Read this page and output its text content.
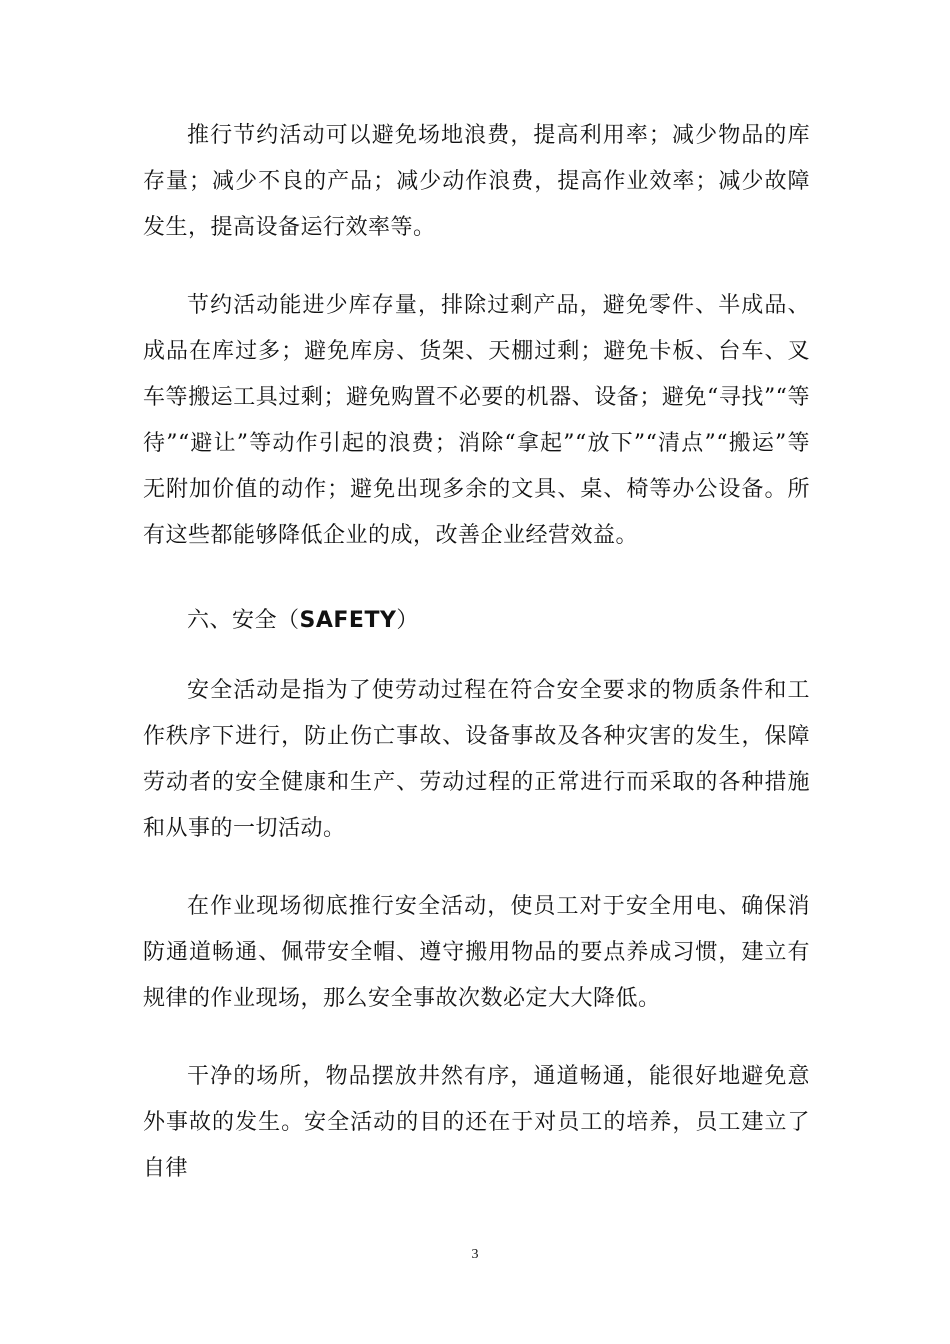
推行节约活动可以避免场地浪费，提高利用率；减少物品的库存量；减少不良的产品；减少动作浪费，提高作业效率；减少故障发生，提高设备运行效率等。

节约活动能进少库存量，排除过剩产品，避免零件、半成品、成品在库过多；避免库房、货架、天棚过剩；避免卡板、台车、叉车等搬运工具过剩；避免购置不必要的机器、设备；避免“寻找”“等待”“避让”等动作引起的浪费；消除“拿起”“放下”“清点”“搬运”等无附加价值的动作；避免出现多余的文具、桌、椅等办公设备。所有这些都能够降低企业的成，改善企业经营效益。

六、安全（SAFETY）

安全活动是指为了使劳动过程在符合安全要求的物质条件和工作秩序下进行，防止伤亡事故、设备事故及各种灾害的发生，保障劳动者的安全健康和生产、劳动过程的正常进行而采取的各种措施和从事的一切活动。

在作业现场彻底推行安全活动，使员工对于安全用电、确保消防通道畅通、佩带安全帽、遵守搬用物品的要点养成习惯，建立有规律的作业现场，那么安全事故次数必定大大降低。

干净的场所，物品摆放井然有序，通道畅通，能很好地避免意外事故的发生。安全活动的目的还在于对员工的培养，员工建立了自律

3
